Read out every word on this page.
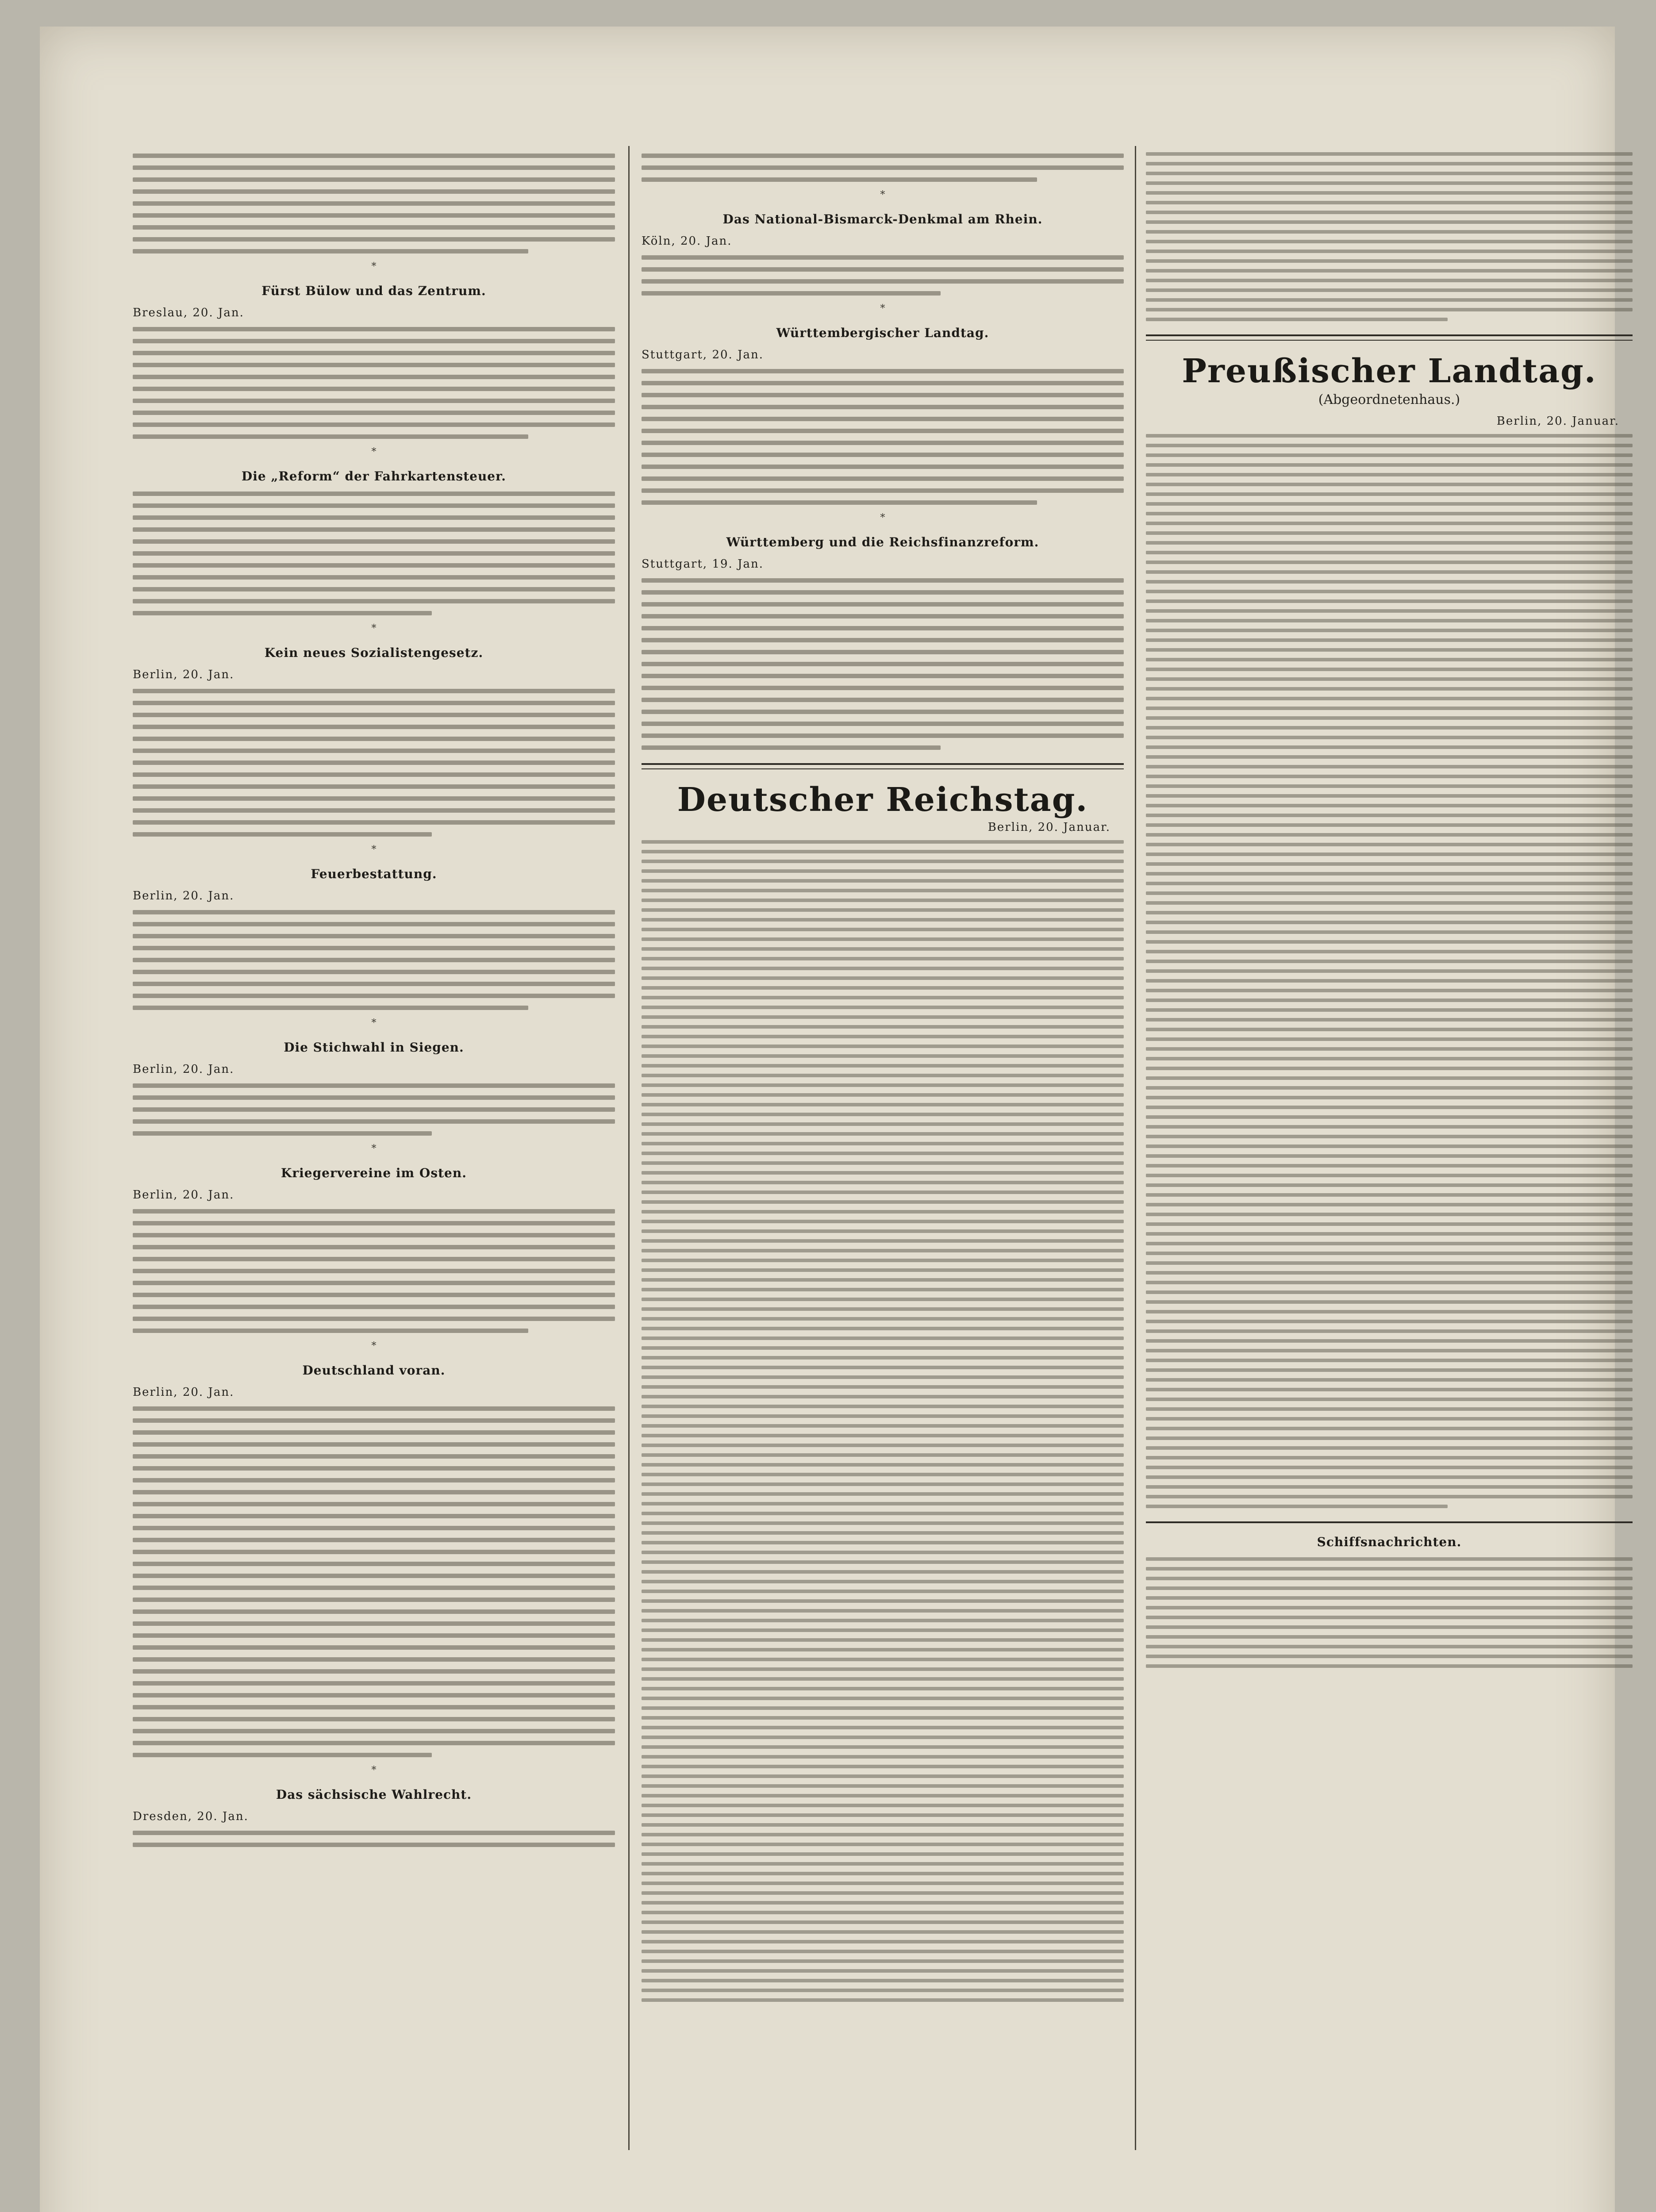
*
Fürst Bülow und das Zentrum.
Breslau, 20. Jan.
*
Die „Reform“ der Fahrkartensteuer.
*
Kein neues Sozialistengesetz.
Berlin, 20. Jan.
*
Feuerbestattung.
Berlin, 20. Jan.
*
Die Stichwahl in Siegen.
Berlin, 20. Jan.
*
Kriegervereine im Osten.
Berlin, 20. Jan.
*
Deutschland voran.
Berlin, 20. Jan.
*
Das sächsische Wahlrecht.
Dresden, 20. Jan.
*
Das National-Bismarck-Denkmal am Rhein.
Köln, 20. Jan.
*
Württembergischer Landtag.
Stuttgart, 20. Jan.
*
Württemberg und die Reichsfinanzreform.
Stuttgart, 19. Jan.
Deutscher Reichstag.
Berlin, 20. Januar.
Preußischer Landtag.
(Abgeordnetenhaus.)
Berlin, 20. Januar.
Schiffsnachrichten.
